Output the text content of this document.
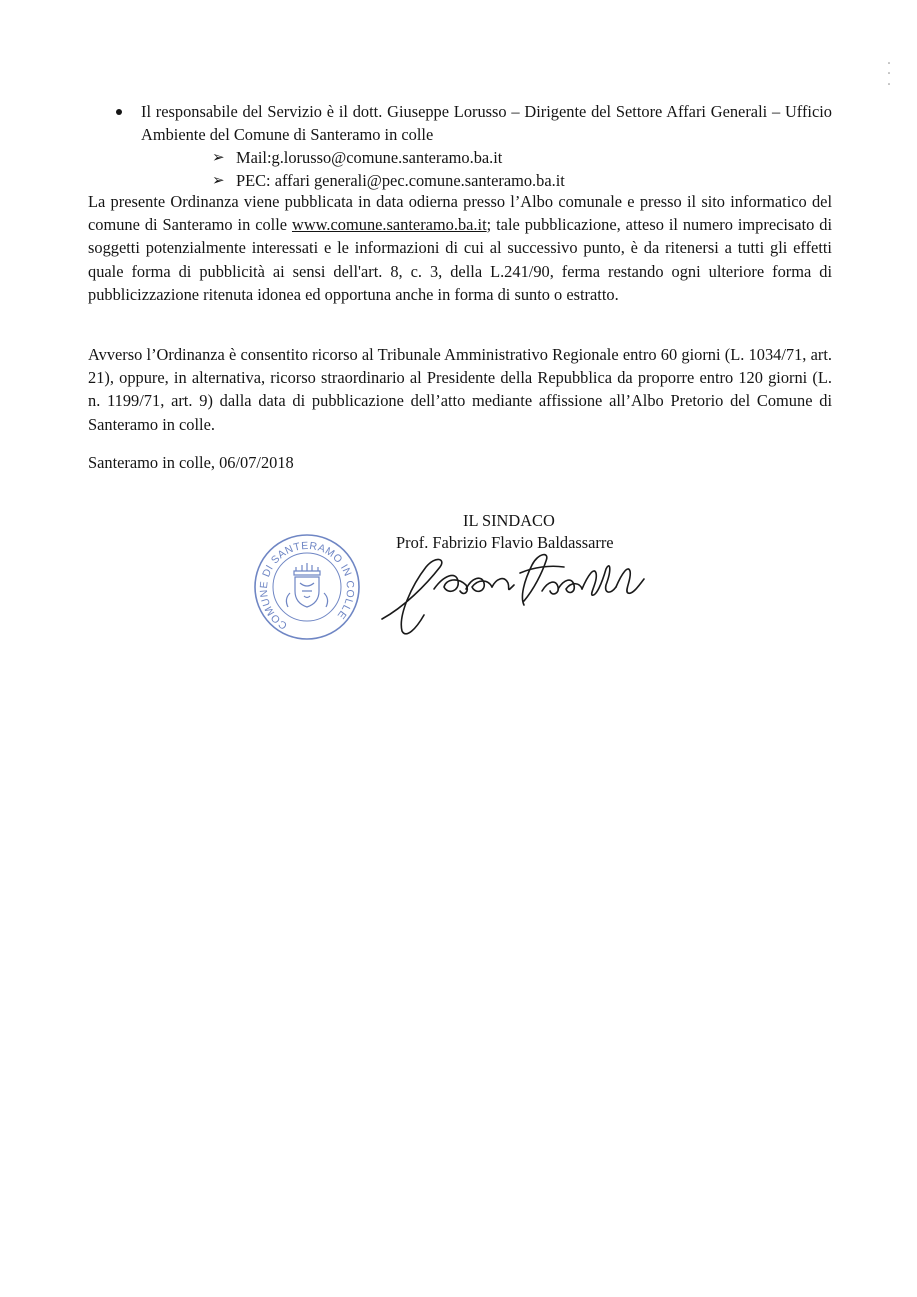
Il responsabile del Servizio è il dott. Giuseppe Lorusso – Dirigente del Settore Affari Generali – Ufficio Ambiente del Comune di Santeramo in colle
➢ Mail:g.lorusso@comune.santeramo.ba.it
➢ PEC: affari generali@pec.comune.santeramo.ba.it
La presente Ordinanza viene pubblicata in data odierna presso l’Albo comunale e presso il sito informatico del comune di Santeramo in colle www.comune.santeramo.ba.it; tale pubblicazione, atteso il numero imprecisato di soggetti potenzialmente interessati e le informazioni di cui al successivo punto, è da ritenersi a tutti gli effetti quale forma di pubblicità ai sensi dell'art. 8, c. 3, della L.241/90, ferma restando ogni ulteriore forma di pubblicizzazione ritenuta idonea ed opportuna anche in forma di sunto o estratto.
Avverso l’Ordinanza è consentito ricorso al Tribunale Amministrativo Regionale entro 60 giorni (L. 1034/71, art. 21), oppure, in alternativa, ricorso straordinario al Presidente della Repubblica da proporre entro 120 giorni (L. n. 1199/71, art. 9) dalla data di pubblicazione dell’atto mediante affissione all’Albo Pretorio del Comune di Santeramo in colle.
Santeramo in colle, 06/07/2018
IL SINDACO
Prof. Fabrizio Flavio Baldassarre
COMUNE DI SANTERAMO IN COLLE
